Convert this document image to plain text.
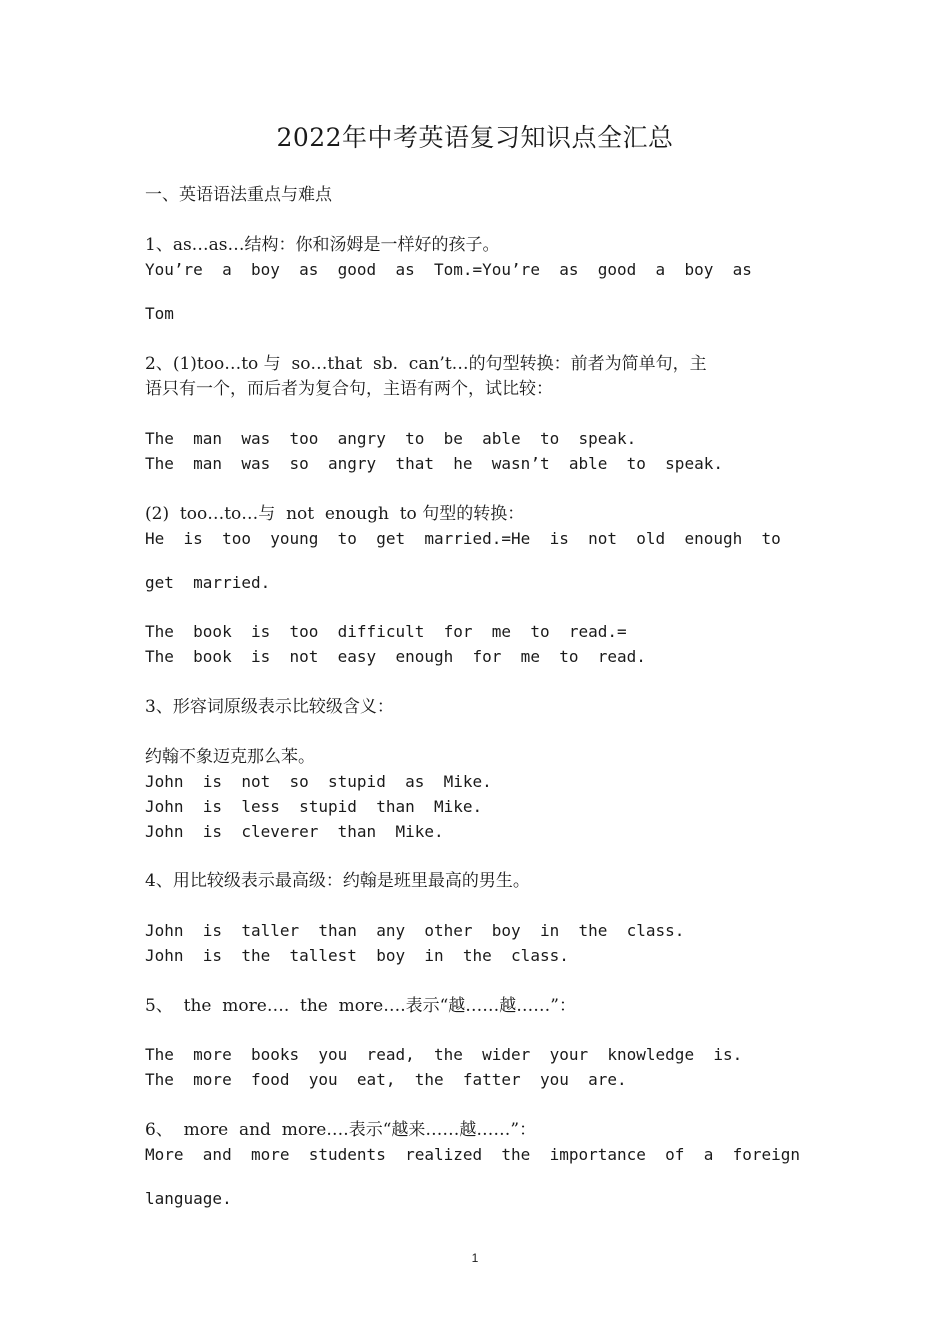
2022年中考英语复习知识点全汇总
一、英语语法重点与难点
1、as…as…结构：你和汤姆是一样好的孩子。
You’re  a  boy  as  good  as  Tom.=You’re  as  good  a  boy  as
Tom
2、(1)too…to 与  so…that  sb.  can’t…的句型转换：前者为简单句，主
语只有一个，而后者为复合句，主语有两个，试比较：
The  man  was  too  angry  to  be  able  to  speak.
The  man  was  so  angry  that  he  wasn’t  able  to  speak.
(2)  too…to…与  not  enough  to 句型的转换：
He  is  too  young  to  get  married.=He  is  not  old  enough  to
get  married.
The  book  is  too  difficult  for  me  to  read.=
The  book  is  not  easy  enough  for  me  to  read.
3、形容词原级表示比较级含义：
约翰不象迈克那么苯。
John  is  not  so  stupid  as  Mike.
John  is  less  stupid  than  Mike.
John  is  cleverer  than  Mike.
4、用比较级表示最高级：约翰是班里最高的男生。
John  is  taller  than  any  other  boy  in  the  class.
John  is  the  tallest  boy  in  the  class.
5、  the  more….  the  more….表示“越……越……”：
The  more  books  you  read,  the  wider  your  knowledge  is.
The  more  food  you  eat,  the  fatter  you  are.
6、  more  and  more….表示“越来……越……”：
More  and  more  students  realized  the  importance  of  a  foreign
language.
1
